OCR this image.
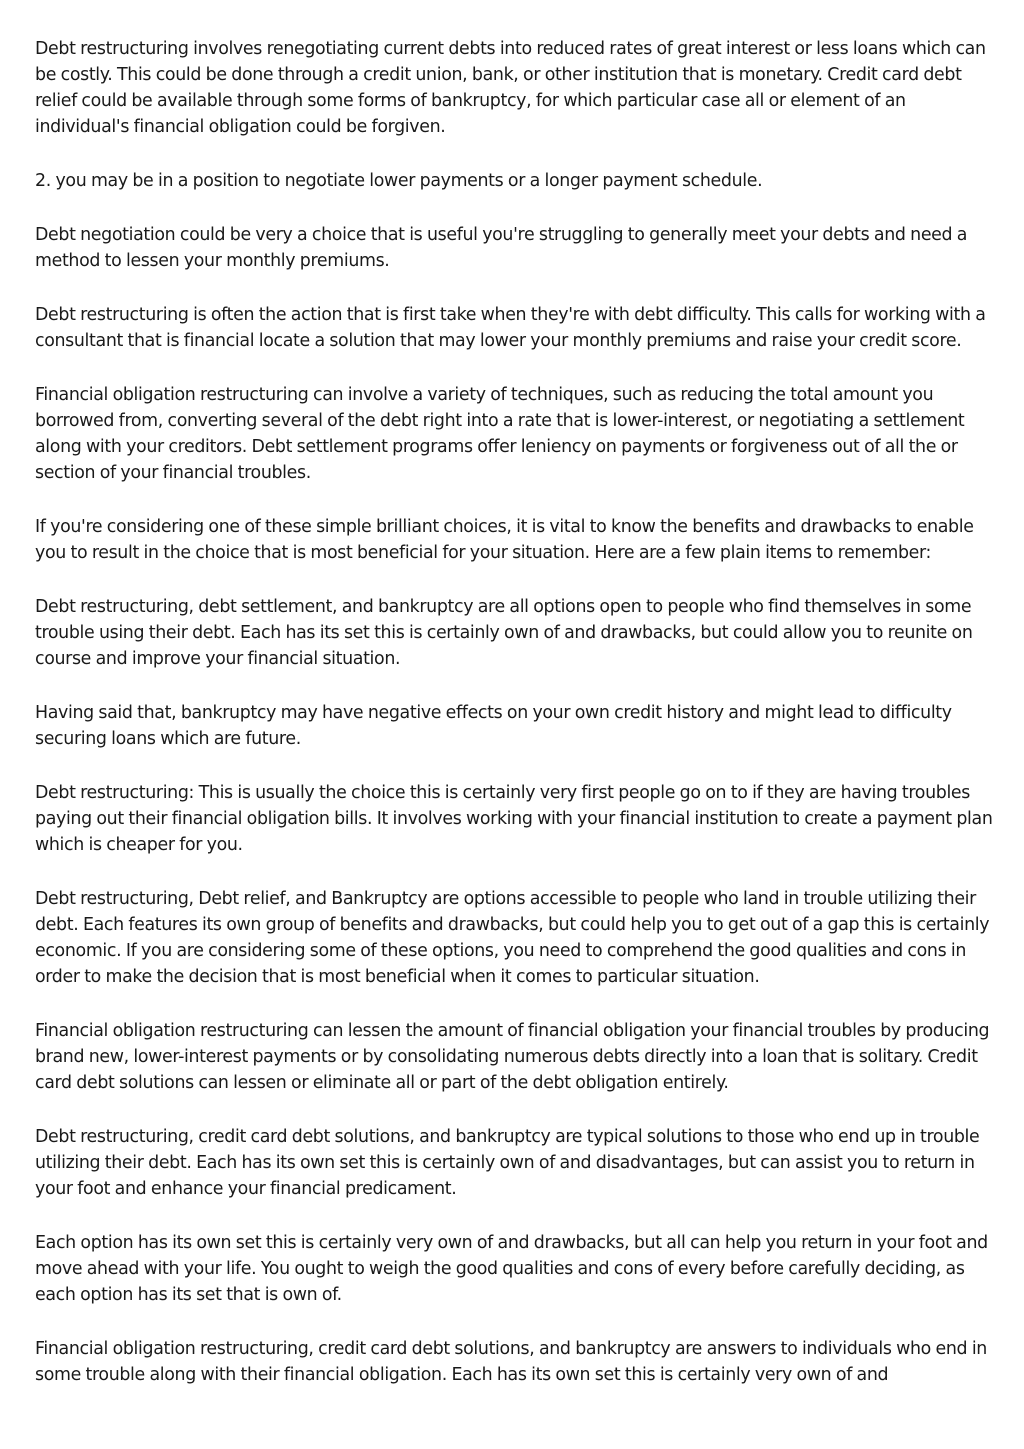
Debt restructuring involves renegotiating current debts into reduced rates of great interest or less loans which can be costly. This could be done through a credit union, bank, or other institution that is monetary. Credit card debt relief could be available through some forms of bankruptcy, for which particular case all or element of an individual's financial obligation could be forgiven.

2. you may be in a position to negotiate lower payments or a longer payment schedule.

Debt negotiation could be very a choice that is useful you're struggling to generally meet your debts and need a method to lessen your monthly premiums.

Debt restructuring is often the action that is first take when they're with debt difficulty. This calls for working with a consultant that is financial locate a solution that may lower your monthly premiums and raise your credit score.

Financial obligation restructuring can involve a variety of techniques, such as reducing the total amount you borrowed from, converting several of the debt right into a rate that is lower-interest, or negotiating a settlement along with your creditors. Debt settlement programs offer leniency on payments or forgiveness out of all the or section of your financial troubles.

If you're considering one of these simple brilliant choices, it is vital to know the benefits and drawbacks to enable you to result in the choice that is most beneficial for your situation. Here are a few plain items to remember:

Debt restructuring, debt settlement, and bankruptcy are all options open to people who find themselves in some trouble using their debt. Each has its set this is certainly own of and drawbacks, but could allow you to reunite on course and improve your financial situation.

Having said that, bankruptcy may have negative effects on your own credit history and might lead to difficulty securing loans which are future.

Debt restructuring: This is usually the choice this is certainly very first people go on to if they are having troubles paying out their financial obligation bills. It involves working with your financial institution to create a payment plan which is cheaper for you.

Debt restructuring, Debt relief, and Bankruptcy are options accessible to people who land in trouble utilizing their debt. Each features its own group of benefits and drawbacks, but could help you to get out of a gap this is certainly economic. If you are considering some of these options, you need to comprehend the good qualities and cons in order to make the decision that is most beneficial when it comes to particular situation.

Financial obligation restructuring can lessen the amount of financial obligation your financial troubles by producing brand new, lower-interest payments or by consolidating numerous debts directly into a loan that is solitary. Credit card debt solutions can lessen or eliminate all or part of the debt obligation entirely.

Debt restructuring, credit card debt solutions, and bankruptcy are typical solutions to those who end up in trouble utilizing their debt. Each has its own set this is certainly own of and disadvantages, but can assist you to return in your foot and enhance your financial predicament.

Each option has its own set this is certainly very own of and drawbacks, but all can help you return in your foot and move ahead with your life. You ought to weigh the good qualities and cons of every before carefully deciding, as each option has its set that is own of.

Financial obligation restructuring, credit card debt solutions, and bankruptcy are answers to individuals who end in some trouble along with their financial obligation. Each has its own set this is certainly very own of and
